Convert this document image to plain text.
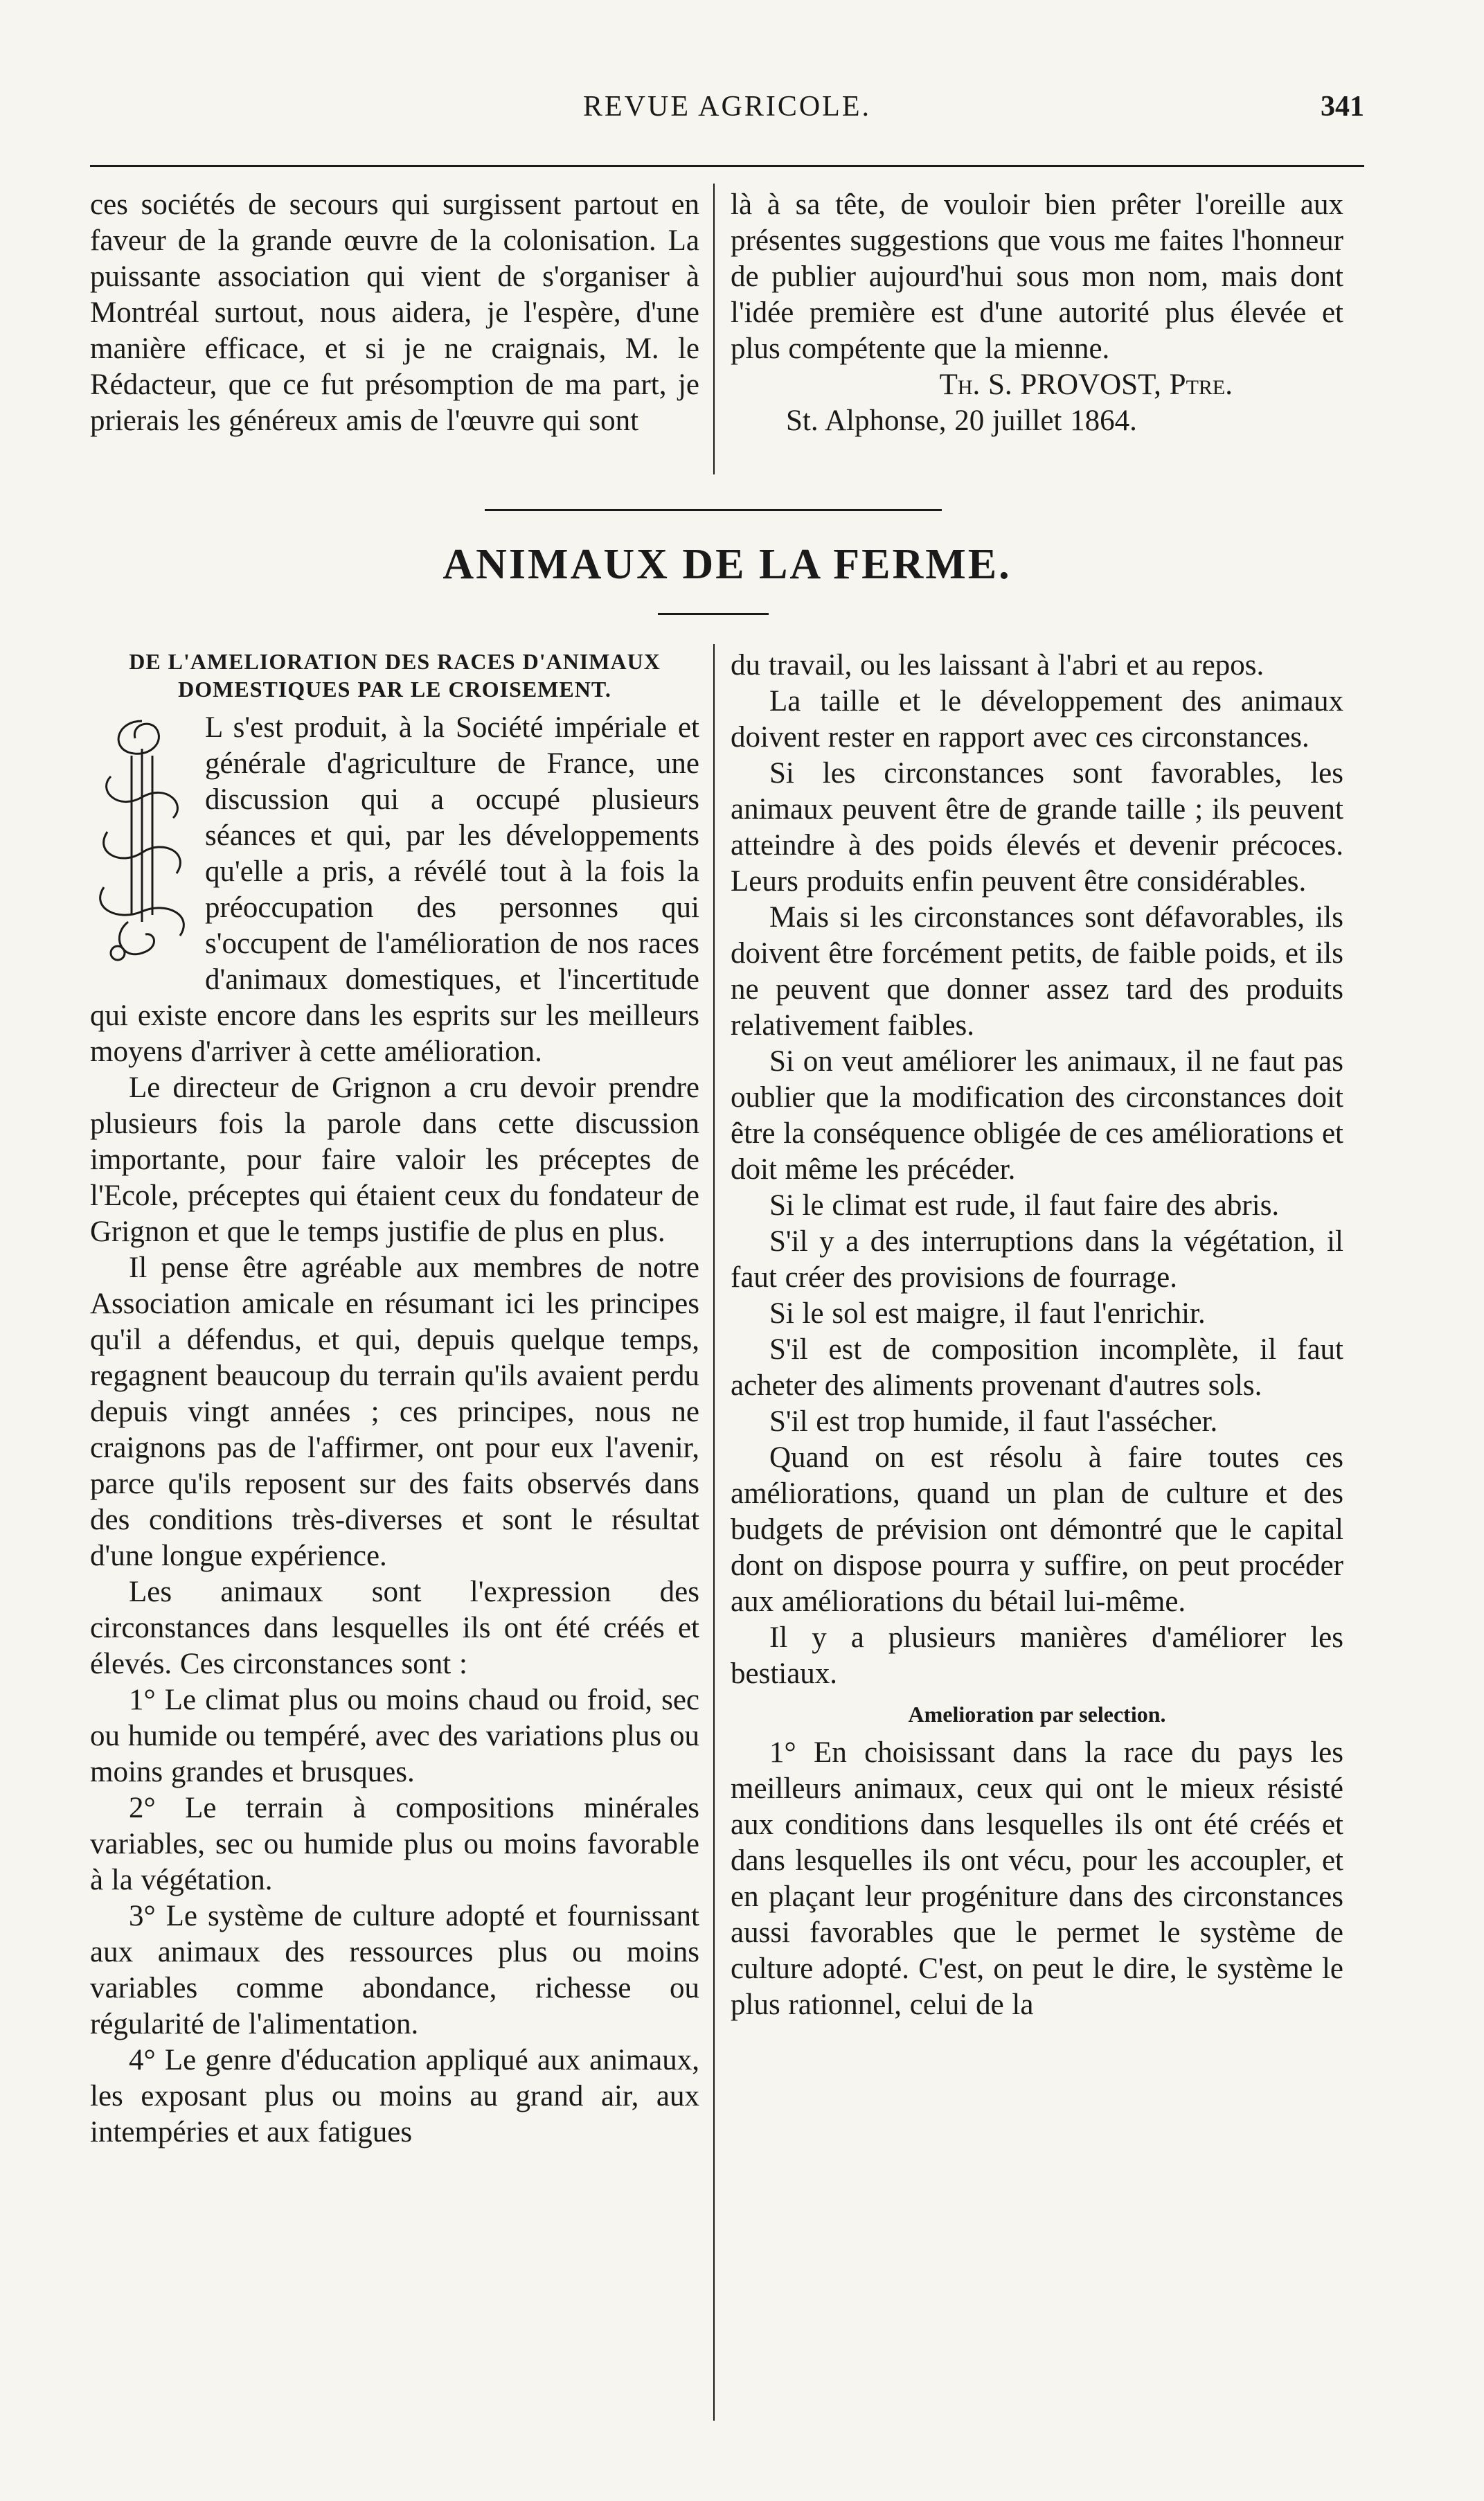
REVUE AGRICOLE.	341

ces sociétés de secours qui surgissent partout en faveur de la grande œuvre de la colonisation. La puissante association qui vient de s'organiser à Montréal surtout, nous aidera, je l'espère, d'une manière efficace, et si je ne craignais, M. le Rédacteur, que ce fut présomption de ma part, je prierais les généreux amis de l'œuvre qui sont

là à sa tête, de vouloir bien prêter l'oreille aux présentes suggestions que vous me faites l'honneur de publier aujourd'hui sous mon nom, mais dont l'idée première est d'une autorité plus élevée et plus compétente que la mienne.

Th. S. PROVOST, Ptre.

St. Alphonse, 20 juillet 1864.

ANIMAUX DE LA FERME.
DE L'AMELIORATION DES RACES D'ANIMAUX DOMESTIQUES PAR LE CROISEMENT.

L s'est produit, à la Société impériale et générale d'agriculture de France, une discussion qui a occupé plusieurs séances et qui, par les développements qu'elle a pris, a révélé tout à la fois la préoccupation des personnes qui s'occupent de l'amélioration de nos races d'animaux domestiques, et l'incertitude qui existe encore dans les esprits sur les meilleurs moyens d'arriver à cette amélioration.

Le directeur de Grignon a cru devoir prendre plusieurs fois la parole dans cette discussion importante, pour faire valoir les préceptes de l'Ecole, préceptes qui étaient ceux du fondateur de Grignon et que le temps justifie de plus en plus.

Il pense être agréable aux membres de notre Association amicale en résumant ici les principes qu'il a défendus, et qui, depuis quelque temps, regagnent beaucoup du terrain qu'ils avaient perdu depuis vingt années ; ces principes, nous ne craignons pas de l'affirmer, ont pour eux l'avenir, parce qu'ils reposent sur des faits observés dans des conditions très-diverses et sont le résultat d'une longue expérience.

Les animaux sont l'expression des circonstances dans lesquelles ils ont été créés et élevés. Ces circonstances sont :

1° Le climat plus ou moins chaud ou froid, sec ou humide ou tempéré, avec des variations plus ou moins grandes et brusques.

2° Le terrain à compositions minérales variables, sec ou humide plus ou moins favorable à la végétation.

3° Le système de culture adopté et fournissant aux animaux des ressources plus ou moins variables comme abondance, richesse ou régularité de l'alimentation.

4° Le genre d'éducation appliqué aux animaux, les exposant plus ou moins au grand air, aux intempéries et aux fatigues

du travail, ou les laissant à l'abri et au repos.

La taille et le développement des animaux doivent rester en rapport avec ces circonstances.

Si les circonstances sont favorables, les animaux peuvent être de grande taille ; ils peuvent atteindre à des poids élevés et devenir précoces. Leurs produits enfin peuvent être considérables.

Mais si les circonstances sont défavorables, ils doivent être forcément petits, de faible poids, et ils ne peuvent que donner assez tard des produits relativement faibles.

Si on veut améliorer les animaux, il ne faut pas oublier que la modification des circonstances doit être la conséquence obligée de ces améliorations et doit même les précéder.

Si le climat est rude, il faut faire des abris.

S'il y a des interruptions dans la végétation, il faut créer des provisions de fourrage.

Si le sol est maigre, il faut l'enrichir.

S'il est de composition incomplète, il faut acheter des aliments provenant d'autres sols.

S'il est trop humide, il faut l'assécher.

Quand on est résolu à faire toutes ces améliorations, quand un plan de culture et des budgets de prévision ont démontré que le capital dont on dispose pourra y suffire, on peut procéder aux améliorations du bétail lui-même.

Il y a plusieurs manières d'améliorer les bestiaux.

Amelioration par selection.

1° En choisissant dans la race du pays les meilleurs animaux, ceux qui ont le mieux résisté aux conditions dans lesquelles ils ont été créés et dans lesquelles ils ont vécu, pour les accoupler, et en plaçant leur progéniture dans des circonstances aussi favorables que le permet le système de culture adopté. C'est, on peut le dire, le système le plus rationnel, celui de la
